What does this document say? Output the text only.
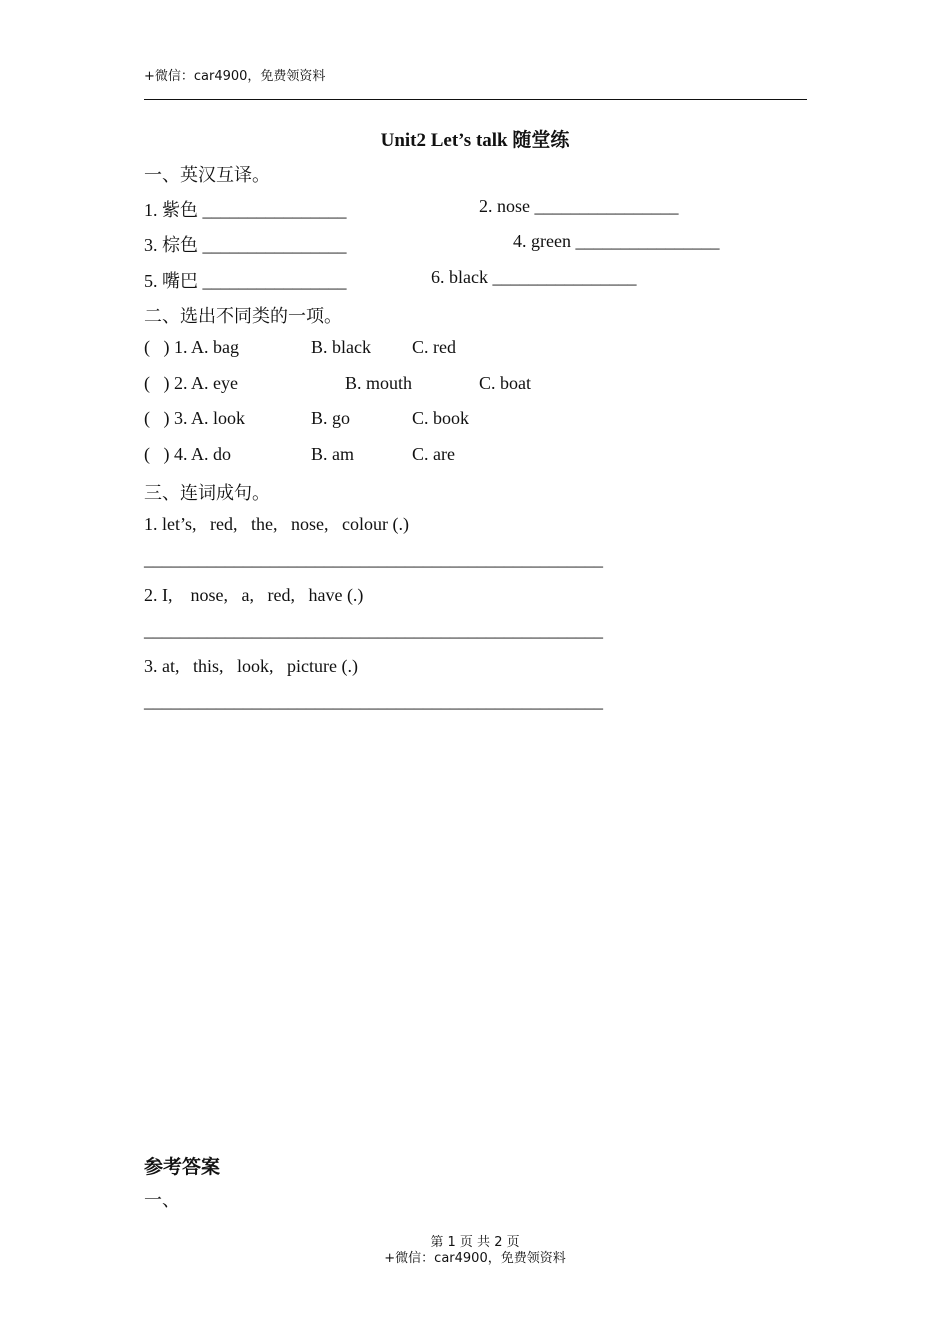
+微信：car4900，免费领资料
Unit2 Let’s talk 随堂练
一、英汉互译。
1. 紫色 ________________	2. nose ________________
3. 棕色 ________________	4. green ________________
5. 嘴巴 ________________	6. black ________________
二、选出不同类的一项。
(   ) 1. A. bag	B. black C. red
(   ) 2. A. eye	B. mouth	C. boat
(   ) 3. A. look	B. go	C. book
(   ) 4. A. do	B. am	C. are
三、连词成句。
1. let’s,   red,   the,   nose,   colour (.)
___________________________________________________
2. I,    nose,   a,   red,   have (.)
___________________________________________________
3. at,   this,   look,   picture (.)
___________________________________________________
参考答案
一、
第 1 页 共 2 页
+微信：car4900，免费领资料
